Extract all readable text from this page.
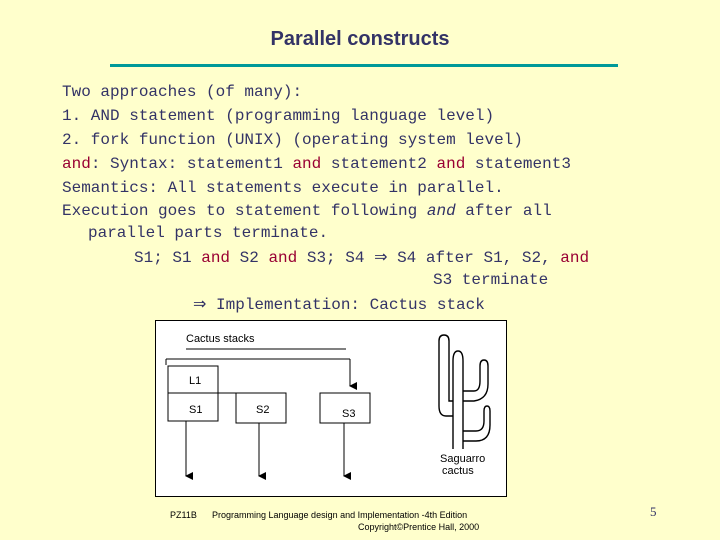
Parallel constructs
Two approaches (of many):
1. AND statement (programming language level)
2. fork function (UNIX) (operating system level)
and: Syntax: statement1 and statement2 and statement3
Semantics: All statements execute in parallel.
Execution goes to statement following and after all
parallel parts terminate.
S1; S1 and S2 and S3; S4 ⇒ S4 after S1, S2, and
S3 terminate
⇒ Implementation: Cactus stack
Cactus stacks
L1
S1	S2	S3
Saguarro
cactus
PZ11B Programming Language design and Implementation -4th Edition
Copyright©Prentice Hall, 2000
5
